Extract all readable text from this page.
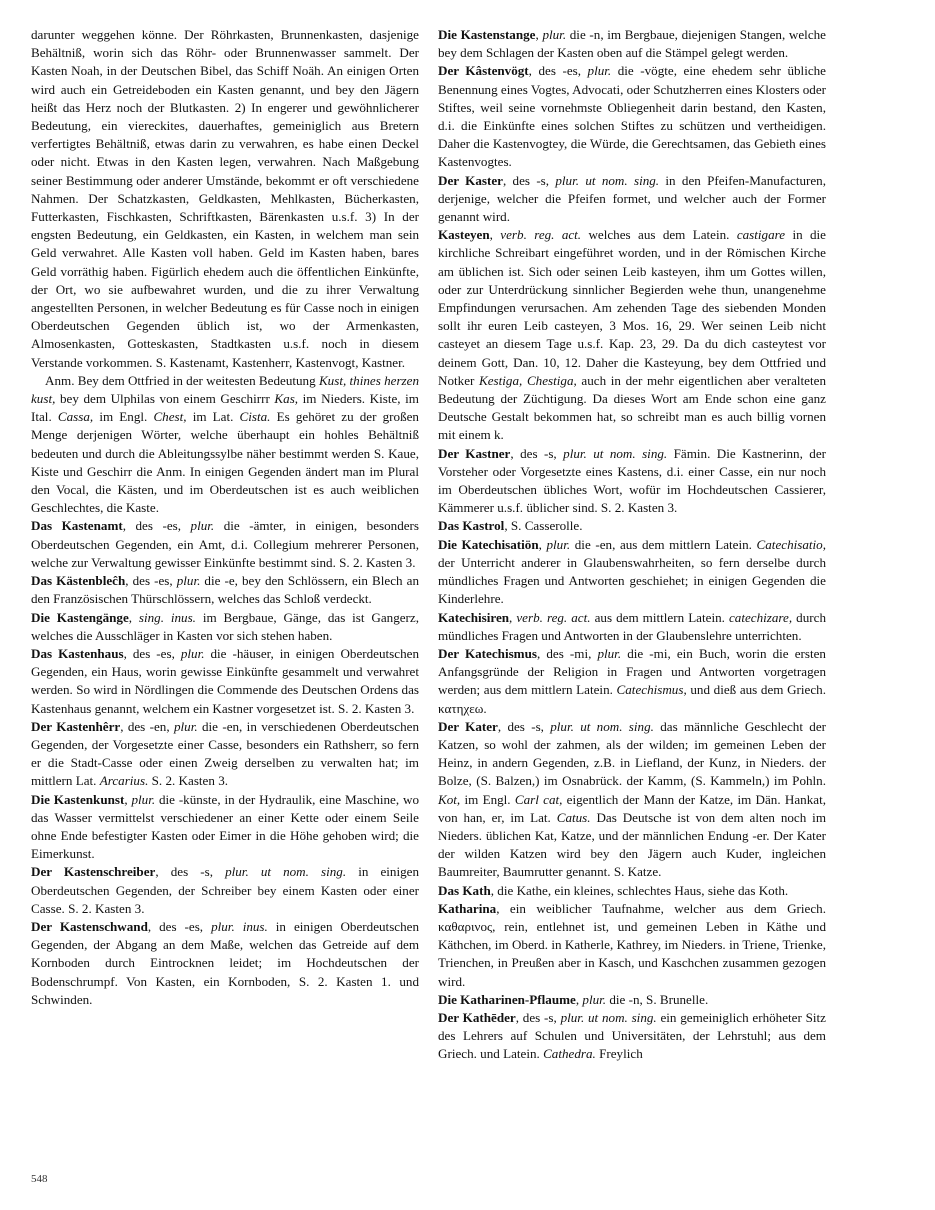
darunter weggehen könne. Der Röhrkasten, Brunnenkasten, dasjenige Behältniß, worin sich das Röhr- oder Brunnenwasser sammelt. Der Kasten Noah, in der Deutschen Bibel, das Schiff Noäh. An einigen Orten wird auch ein Getreideboden ein Kasten genannt, und bey den Jägern heißt das Herz noch der Blutkasten. 2) In engerer und gewöhnlicherer Bedeutung, ein viereckites, dauerhaftes, gemeiniglich aus Bretern verfertigtes Behältniß, etwas darin zu verwahren, es habe einen Deckel oder nicht. Etwas in den Kasten legen, verwahren. Nach Maßgebung seiner Bestimmung oder anderer Umstände, bekommt er oft verschiedene Nahmen. Der Schatzkasten, Geldkasten, Mehlkasten, Bücherkasten, Futterkasten, Fischkasten, Schriftkasten, Bärenkasten u.s.f. 3) In der engsten Bedeutung, ein Geldkasten, ein Kasten, in welchem man sein Geld verwahret. Alle Kasten voll haben. Geld im Kasten haben, bares Geld vorräthig haben. Figürlich ehedem auch die öffentlichen Einkünfte, der Ort, wo sie aufbewahret wurden, und die zu ihrer Verwaltung angestellten Personen, in welcher Bedeutung es für Casse noch in einigen Oberdeutschen Gegenden üblich ist, wo der Armenkasten, Almosenkasten, Gotteskasten, Stadtkasten u.s.f. noch in diesem Verstande vorkommen. S. Kastenamt, Kastenherr, Kastenvogt, Kastner.

Anm. Bey dem Ottfried in der weitesten Bedeutung Kust, thines herzen kust, bey dem Ulphilas von einem Geschirrr Kas, im Nieders. Kiste, im Ital. Cassa, im Engl. Chest, im Lat. Cista. Es gehöret zu der großen Menge derjenigen Wörter, welche überhaupt ein hohles Behältniß bedeuten und durch die Ableitungssylbe näher bestimmt werden S. Kaue, Kiste und Geschirr die Anm. In einigen Gegenden ändert man im Plural den Vocal, die Kästen, und im Oberdeutschen ist es auch weiblichen Geschlechtes, die Kaste.

Das Kastenamt, des -es, plur. die -ämter, in einigen, besonders Oberdeutschen Gegenden, ein Amt, d.i. Collegium mehrerer Personen, welche zur Verwaltung gewisser Einkünfte bestimmt sind. S. 2. Kasten 3.

Das Kästenbleĉh, des -es, plur. die -e, bey den Schlössern, ein Blech an den Französischen Thürschlössern, welches das Schloß verdeckt.

Die Kastengänge, sing. inus. im Bergbaue, Gänge, das ist Gangerz, welches die Ausschläger in Kasten vor sich stehen haben.

Das Kastenhaus, des -es, plur. die -häuser, in einigen Oberdeutschen Gegenden, ein Haus, worin gewisse Einkünfte gesammelt und verwahret werden. So wird in Nördlingen die Commende des Deutschen Ordens das Kastenhaus genannt, welchem ein Kastner vorgesetzet ist. S. 2. Kasten 3.

Der Kastenhêrr, des -en, plur. die -en, in verschiedenen Oberdeutschen Gegenden, der Vorgesetzte einer Casse, besonders ein Rathsherr, so fern er die Stadt-Casse oder einen Zweig derselben zu verwalten hat; im mittlern Lat. Arcarius. S. 2. Kasten 3.

Die Kastenkunst, plur. die -künste, in der Hydraulik, eine Maschine, wo das Wasser vermittelst verschiedener an einer Kette oder einem Seile ohne Ende befestigter Kasten oder Eimer in die Höhe gehoben wird; die Eimerkunst.

Der Kastenschreiber, des -s, plur. ut nom. sing. in einigen Oberdeutschen Gegenden, der Schreiber bey einem Kasten oder einer Casse. S. 2. Kasten 3.

Der Kastenschwand, des -es, plur. inus. in einigen Oberdeutschen Gegenden, der Abgang an dem Maße, welchen das Getreide auf dem Kornboden durch Eintrocknen leidet; im Hochdeutschen der Bodenschrumpf. Von Kasten, ein Kornboden, S. 2. Kasten 1. und Schwinden.

Die Kastenstange, plur. die -n, im Bergbaue, diejenigen Stangen, welche bey dem Schlagen der Kasten oben auf die Stämpel gelegt werden.

Der Kâstenvögt, des -es, plur. die -vögte, eine ehedem sehr übliche Benennung eines Vogtes, Advocati, oder Schutzherren eines Klosters oder Stiftes, weil seine vornehmste Obliegenheit darin bestand, den Kasten, d.i. die Einkünfte eines solchen Stiftes zu schützen und vertheidigen. Daher die Kastenvogtey, die Würde, die Gerechtsamen, das Gebieth eines Kastenvogtes.

Der Kaster, des -s, plur. ut nom. sing. in den Pfeifen-Manufacturen, derjenige, welcher die Pfeifen formet, und welcher auch der Former genannt wird.

Kasteyen, verb. reg. act. welches aus dem Latein. castigare in die kirchliche Schreibart eingeführet worden, und in der Römischen Kirche am üblichen ist. Sich oder seinen Leib kasteyen, ihm um Gottes willen, oder zur Unterdrückung sinnlicher Begierden wehe thun, unangenehme Empfindungen verursachen. Am zehenden Tage des siebenden Monden sollt ihr euren Leib casteyen, 3 Mos. 16, 29. Wer seinen Leib nicht casteyet an diesem Tage u.s.f. Kap. 23, 29. Da du dich casteytest vor deinem Gott, Dan. 10, 12. Daher die Kasteyung, bey dem Ottfried und Notker Kestiga, Chestiga, auch in der mehr eigentlichen aber veralteten Bedeutung der Züchtigung. Da dieses Wort am Ende schon eine ganz Deutsche Gestalt bekommen hat, so schreibt man es auch billig vornen mit einem k.

Der Kastner, des -s, plur. ut nom. sing. Fämin. Die Kastnerinn, der Vorsteher oder Vorgesetzte eines Kastens, d.i. einer Casse, ein nur noch im Oberdeutschen übliches Wort, wofür im Hochdeutschen Cassierer, Kämmerer u.s.f. üblicher sind. S. 2. Kasten 3.

Das Kastrol, S. Casserolle.

Die Katechisatiön, plur. die -en, aus dem mittlern Latein. Catechisatio, der Unterricht anderer in Glaubenswahrheiten, so fern derselbe durch mündliches Fragen und Antworten geschiehet; in einigen Gegenden die Kinderlehre.

Katechisiren, verb. reg. act. aus dem mittlern Latein. catechizare, durch mündliches Fragen und Antworten in der Glaubenslehre unterrichten.

Der Katechismus, des -mi, plur. die -mi, ein Buch, worin die ersten Anfangsgründe der Religion in Fragen und Antworten vorgetragen werden; aus dem mittlern Latein. Catechismus, und dieß aus dem Griech. κατηχεω.

Der Kater, des -s, plur. ut nom. sing. das männliche Geschlecht der Katzen, so wohl der zahmen, als der wilden; im gemeinen Leben der Heinz, in andern Gegenden, z.B. in Liefland, der Kunz, in Nieders. der Bolze, (S. Balzen,) im Osnabrück. der Kamm, (S. Kammeln,) im Pohln. Kot, im Engl. Carl cat, eigentlich der Mann der Katze, im Dän. Hankat, von han, er, im Lat. Catus. Das Deutsche ist von dem alten noch im Nieders. üblichen Kat, Katze, und der männlichen Endung -er. Der Kater der wilden Katzen wird bey den Jägern auch Kuder, ingleichen Baumreiter, Baumrutter genannt. S. Katze.

Das Kath, die Kathe, ein kleines, schlechtes Haus, siehe das Koth.

Katharina, ein weiblicher Taufnahme, welcher aus dem Griech. καθαρινος, rein, entlehnet ist, und gemeinen Leben in Käthe und Käthchen, im Oberd. in Katherle, Kathrey, im Nieders. in Triene, Trienke, Trienchen, in Preußen aber in Kasch, und Kaschchen zusammen gezogen wird.

Die Katharinen-Pflaume, plur. die -n, S. Brunelle.

Der Kathēder, des -s, plur. ut nom. sing. ein gemeiniglich erhöheter Sitz des Lehrers auf Schulen und Universitäten, der Lehrstuhl; aus dem Griech. und Latein. Cathedra. Freylich

548
